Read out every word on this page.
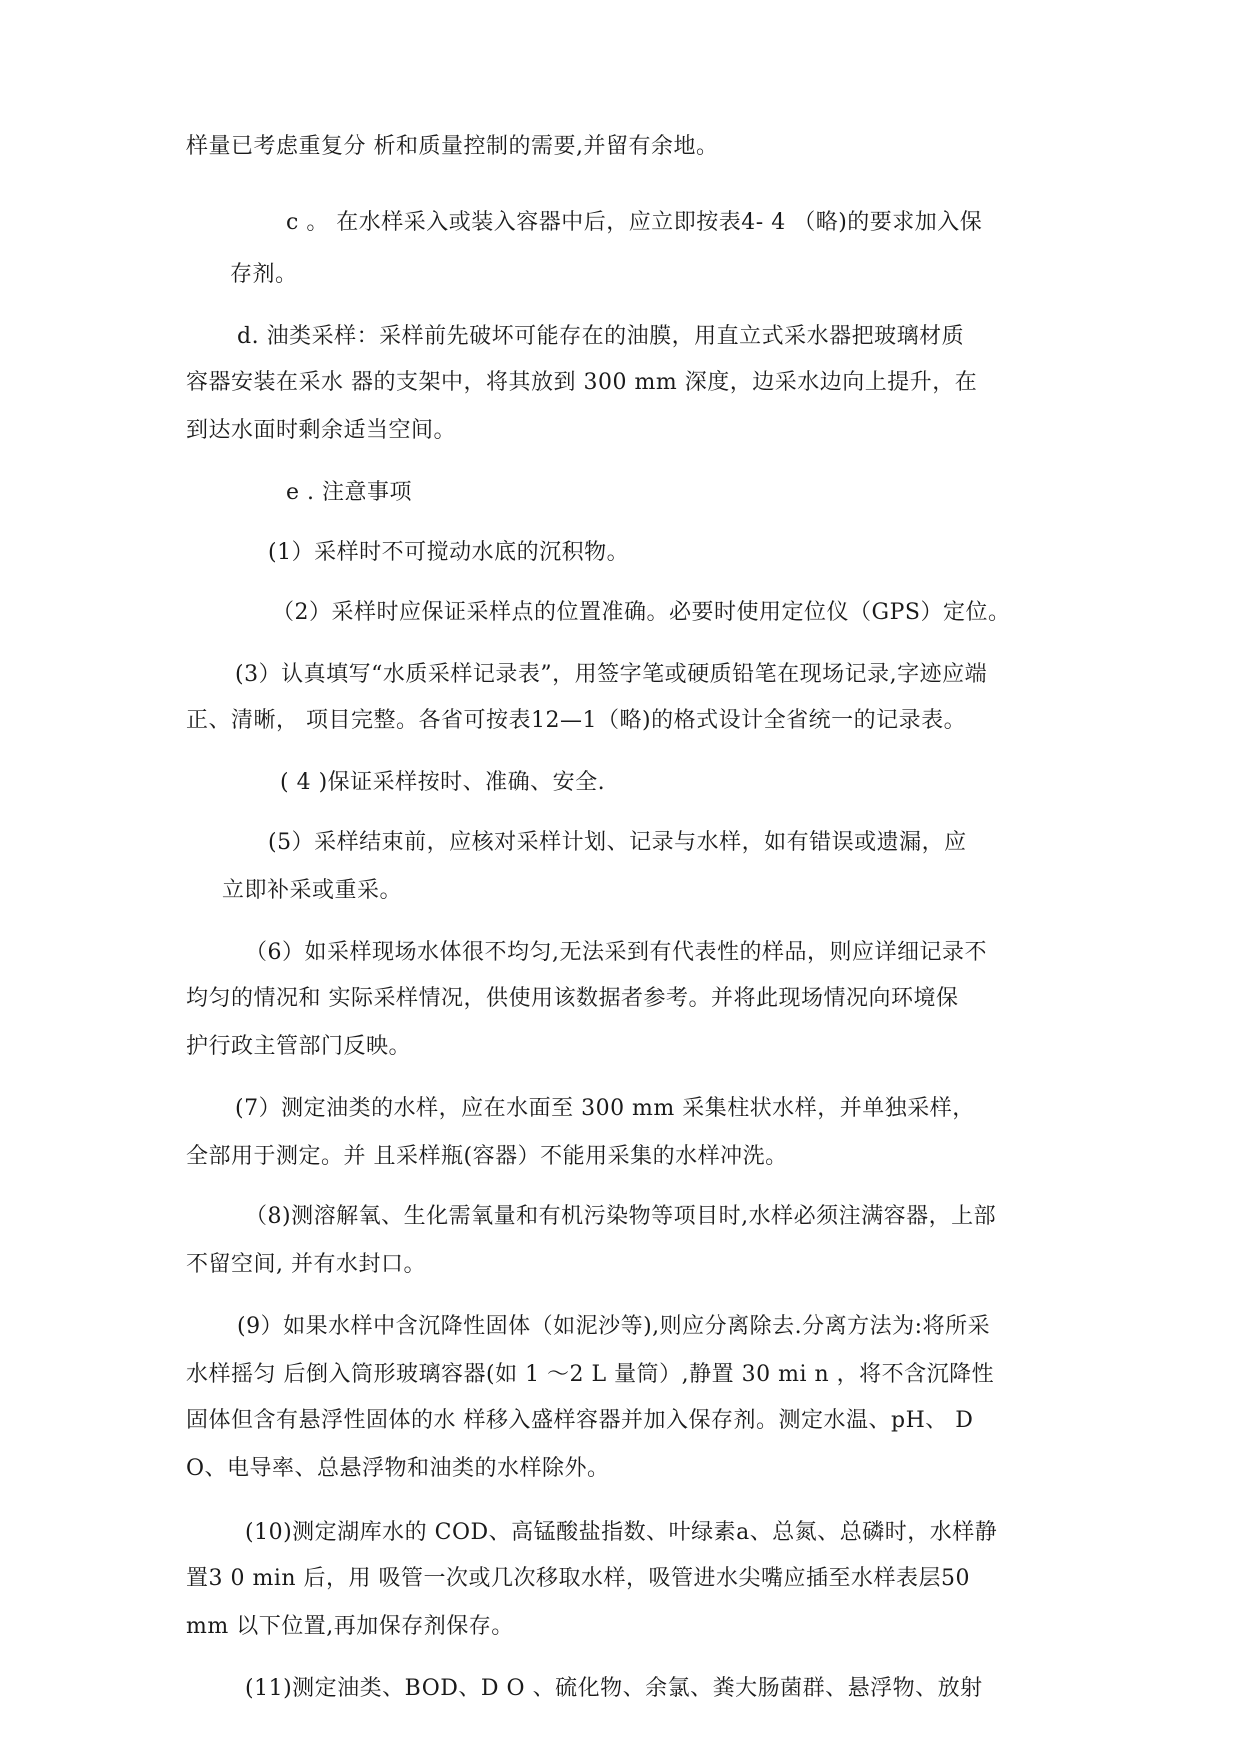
样量已考虑重复分 析和质量控制的需要,并留有余地。

c 。 在水样采入或装入容器中后，应立即按表4- 4 （略)的要求加入保

存剂。

d. 油类采样：采样前先破坏可能存在的油膜，用直立式采水器把玻璃材质

容器安装在采水 器的支架中，将其放到 300 mm 深度，边采水边向上提升，在

到达水面时剩余适当空间。

e . 注意事项

(1）采样时不可搅动水底的沉积物。

（2）采样时应保证采样点的位置准确。必要时使用定位仪（GPS）定位。

(3）认真填写“水质采样记录表”，用签字笔或硬质铅笔在现场记录,字迹应端

正、清晰， 项目完整。各省可按表12—1（略)的格式设计全省统一的记录表。

( 4 )保证采样按时、准确、安全.

(5）采样结束前，应核对采样计划、记录与水样，如有错误或遗漏，应

立即补采或重采。

（6）如采样现场水体很不均匀,无法采到有代表性的样品，则应详细记录不

均匀的情况和 实际采样情况，供使用该数据者参考。并将此现场情况向环境保

护行政主管部门反映。

(7）测定油类的水样，应在水面至 300 mm 采集柱状水样，并单独采样，

全部用于测定。并 且采样瓶(容器）不能用采集的水样冲洗。

（8)测溶解氧、生化需氧量和有机污染物等项目时,水样必须注满容器，上部

不留空间, 并有水封口。

(9）如果水样中含沉降性固体（如泥沙等),则应分离除去.分离方法为:将所采

水样摇匀 后倒入筒形玻璃容器(如 1 ～2 L 量筒）,静置 30 mi n ，将不含沉降性

固体但含有悬浮性固体的水 样移入盛样容器并加入保存剂。测定水温、pH、 D

O、电导率、总悬浮物和油类的水样除外。

(10)测定湖库水的 COD、高锰酸盐指数、叶绿素a、总氮、总磷时，水样静

置3 0 min 后，用 吸管一次或几次移取水样，吸管进水尖嘴应插至水样表层50

mm 以下位置,再加保存剂保存。

(11)测定油类、BOD、D O 、硫化物、余氯、粪大肠菌群、悬浮物、放射
